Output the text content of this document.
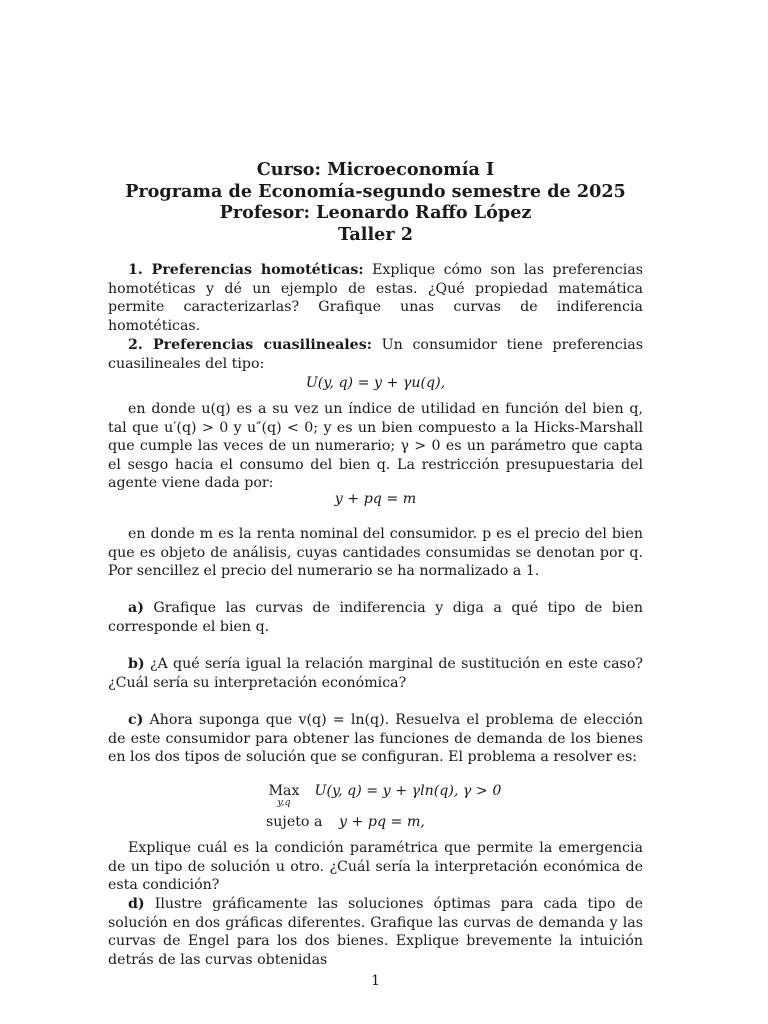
Curso: Microeconomía I
Programa de Economía-segundo semestre de 2025
Profesor: Leonardo Raffo López
Taller 2

1. Preferencias homotéticas: Explique cómo son las preferencias homotéticas y dé un ejemplo de estas. ¿Qué propiedad matemática permite caracterizarlas? Grafique unas curvas de indiferencia homotéticas.

2. Preferencias cuasilineales: Un consumidor tiene preferencias cuasilineales del tipo:

U(y, q) = y + γu(q),

en donde u(q) es a su vez un índice de utilidad en función del bien q, tal que u′(q) > 0 y u″(q) < 0; y es un bien compuesto a la Hicks-Marshall que cumple las veces de un numerario; γ > 0 es un parámetro que capta el sesgo hacia el consumo del bien q. La restricción presupuestaria del agente viene dada por:

y + pq = m

en donde m es la renta nominal del consumidor. p es el precio del bien que es objeto de análisis, cuyas cantidades consumidas se denotan por q. Por sencillez el precio del numerario se ha normalizado a 1.

a) Grafique las curvas de indiferencia y diga a qué tipo de bien corresponde el bien q.

b) ¿A qué sería igual la relación marginal de sustitución en este caso? ¿Cuál sería su interpretación económica?

c) Ahora suponga que v(q) = ln(q). Resuelva el problema de elección de este consumidor para obtener las funciones de demanda de los bienes en los dos tipos de solución que se configuran. El problema a resolver es:

Max
y,q
U(y, q) = y + γln(q), γ > 0
sujeto a y + pq = m,

Explique cuál es la condición paramétrica que permite la emergencia de un tipo de solución u otro. ¿Cuál sería la interpretación económica de esta condición?

d) Ilustre gráficamente las soluciones óptimas para cada tipo de solución en dos gráficas diferentes. Grafique las curvas de demanda y las curvas de Engel para los dos bienes. Explique brevemente la intuición detrás de las curvas obtenidas

1
